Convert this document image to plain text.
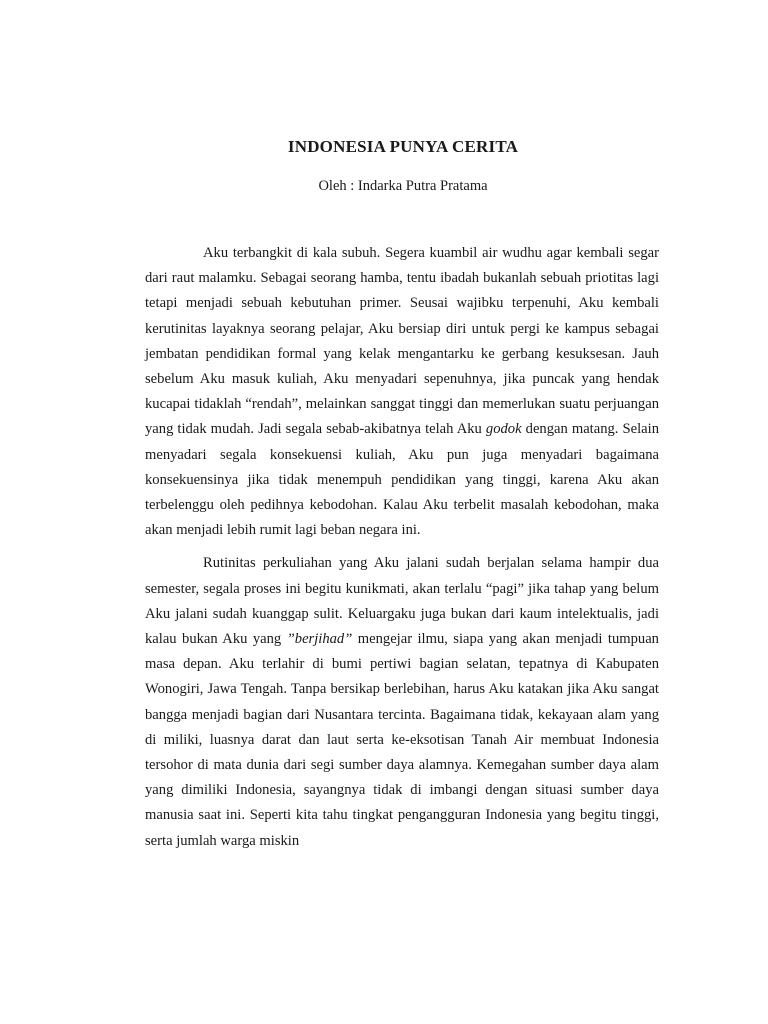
INDONESIA PUNYA CERITA
Oleh : Indarka Putra Pratama

Aku terbangkit di kala subuh. Segera kuambil air wudhu agar kembali segar dari raut malamku. Sebagai seorang hamba, tentu ibadah bukanlah sebuah priotitas lagi tetapi menjadi sebuah kebutuhan primer. Seusai wajibku terpenuhi, Aku kembali kerutinitas layaknya seorang pelajar, Aku bersiap diri untuk pergi ke kampus sebagai jembatan pendidikan formal yang kelak mengantarku ke gerbang kesuksesan. Jauh sebelum Aku masuk kuliah, Aku menyadari sepenuhnya, jika puncak yang hendak kucapai tidaklah “rendah”, melainkan sanggat tinggi dan memerlukan suatu perjuangan yang tidak mudah. Jadi segala sebab-akibatnya telah Aku godok dengan matang. Selain menyadari segala konsekuensi kuliah, Aku pun juga menyadari bagaimana konsekuensinya jika tidak menempuh pendidikan yang tinggi, karena Aku akan terbelenggu oleh pedihnya kebodohan. Kalau Aku terbelit masalah kebodohan, maka akan menjadi lebih rumit lagi beban negara ini.

Rutinitas perkuliahan yang Aku jalani sudah berjalan selama hampir dua semester, segala proses ini begitu kunikmati, akan terlalu “pagi” jika tahap yang belum Aku jalani sudah kuanggap sulit. Keluargaku juga bukan dari kaum intelektualis, jadi kalau bukan Aku yang ”berjihad” mengejar ilmu, siapa yang akan menjadi tumpuan masa depan. Aku terlahir di bumi pertiwi bagian selatan, tepatnya di Kabupaten Wonogiri, Jawa Tengah. Tanpa bersikap berlebihan, harus Aku katakan jika Aku sangat bangga menjadi bagian dari Nusantara tercinta. Bagaimana tidak, kekayaan alam yang di miliki, luasnya darat dan laut serta ke-eksotisan Tanah Air membuat Indonesia tersohor di mata dunia dari segi sumber daya alamnya. Kemegahan sumber daya alam yang dimiliki Indonesia, sayangnya tidak di imbangi dengan situasi sumber daya manusia saat ini. Seperti kita tahu tingkat pengangguran Indonesia yang begitu tinggi, serta jumlah warga miskin
